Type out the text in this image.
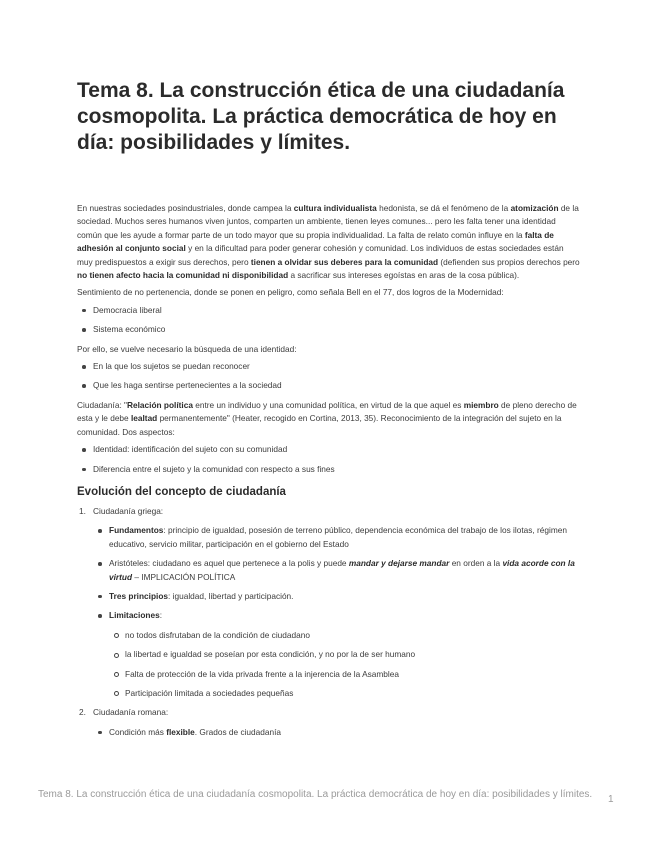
Tema 8. La construcción ética de una ciudadanía cosmopolita. La práctica democrática de hoy en día: posibilidades y límites.

En nuestras sociedades posindustriales, donde campea la cultura individualista hedonista, se dá el fenómeno de la atomización de la sociedad. Muchos seres humanos viven juntos, comparten un ambiente, tienen leyes comunes... pero les falta tener una identidad común que les ayude a formar parte de un todo mayor que su propia individualidad. La falta de relato común influye en la falta de adhesión al conjunto social y en la dificultad para poder generar cohesión y comunidad. Los individuos de estas sociedades están muy predispuestos a exigir sus derechos, pero tienen a olvidar sus deberes para la comunidad (defienden sus propios derechos pero no tienen afecto hacia la comunidad ni disponibilidad a sacrificar sus intereses egoístas en aras de la cosa pública).

Sentimiento de no pertenencia, donde se ponen en peligro, como señala Bell en el 77, dos logros de la Modernidad:

Democracia liberal
Sistema económico

Por ello, se vuelve necesario la búsqueda de una identidad:

En la que los sujetos se puedan reconocer
Que les haga sentirse pertenecientes a la sociedad

Ciudadanía: "Relación política entre un individuo y una comunidad política, en virtud de la que aquel es miembro de pleno derecho de esta y le debe lealtad permanentemente" (Heater, recogido en Cortina, 2013, 35). Reconocimiento de la integración del sujeto en la comunidad. Dos aspectos:

Identidad: identificación del sujeto con su comunidad
Diferencia entre el sujeto y la comunidad con respecto a sus fines
Evolución del concepto de ciudadanía
1. Ciudadanía griega:
Fundamentos: principio de igualdad, posesión de terreno público, dependencia económica del trabajo de los ilotas, régimen educativo, servicio militar, participación en el gobierno del Estado
Aristóteles: ciudadano es aquel que pertenece a la polis y puede mandar y dejarse mandar en orden a la vida acorde con la virtud – IMPLICACIÓN POLÍTICA
Tres principios: igualdad, libertad y participación.
Limitaciones:
no todos disfrutaban de la condición de ciudadano
la libertad e igualdad se poseían por esta condición, y no por la de ser humano
Falta de protección de la vida privada frente a la injerencia de la Asamblea
Participación limitada a sociedades pequeñas
2. Ciudadanía romana:
Condición más flexible. Grados de ciudadanía
Tema 8. La construcción ética de una ciudadanía cosmopolita. La práctica democrática de hoy en día: posibilidades y límites.	1
